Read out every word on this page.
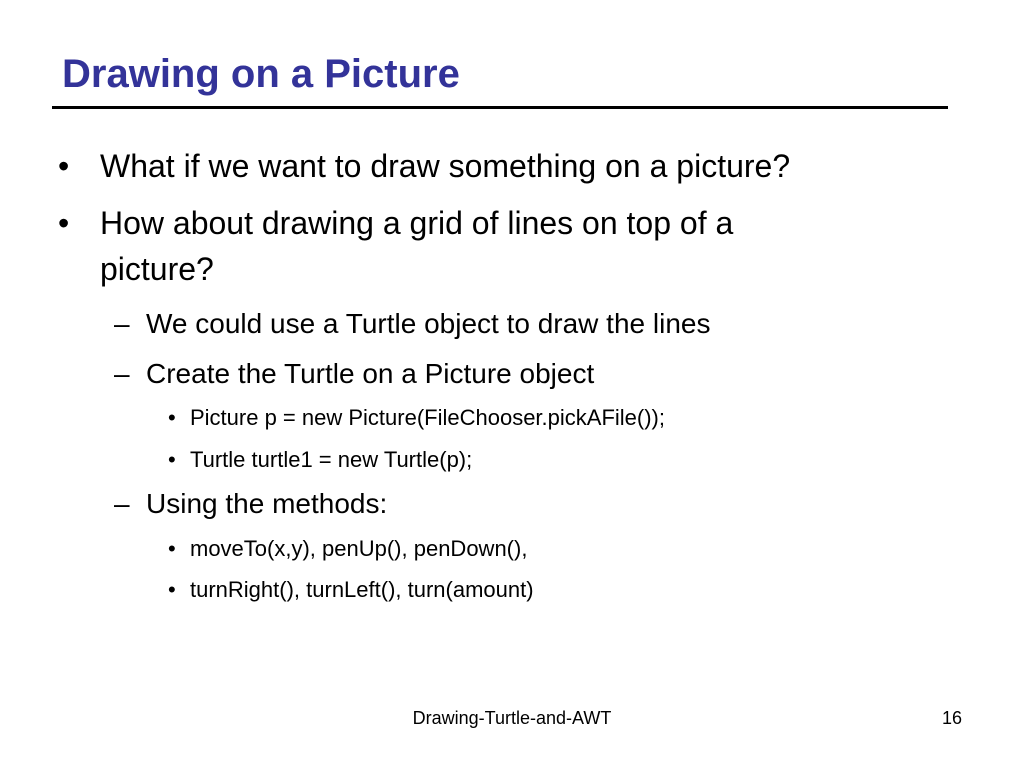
Drawing on a Picture
• What if we want to draw something on a picture?
• How about drawing a grid of lines on top of a
picture?
– We could use a Turtle object to draw the lines
– Create the Turtle on a Picture object
• Picture p = new Picture(FileChooser.pickAFile());
• Turtle turtle1 = new Turtle(p);
– Using the methods:
• moveTo(x,y), penUp(), penDown(),
• turnRight(), turnLeft(), turn(amount)
Drawing-Turtle-and-AWT	16
